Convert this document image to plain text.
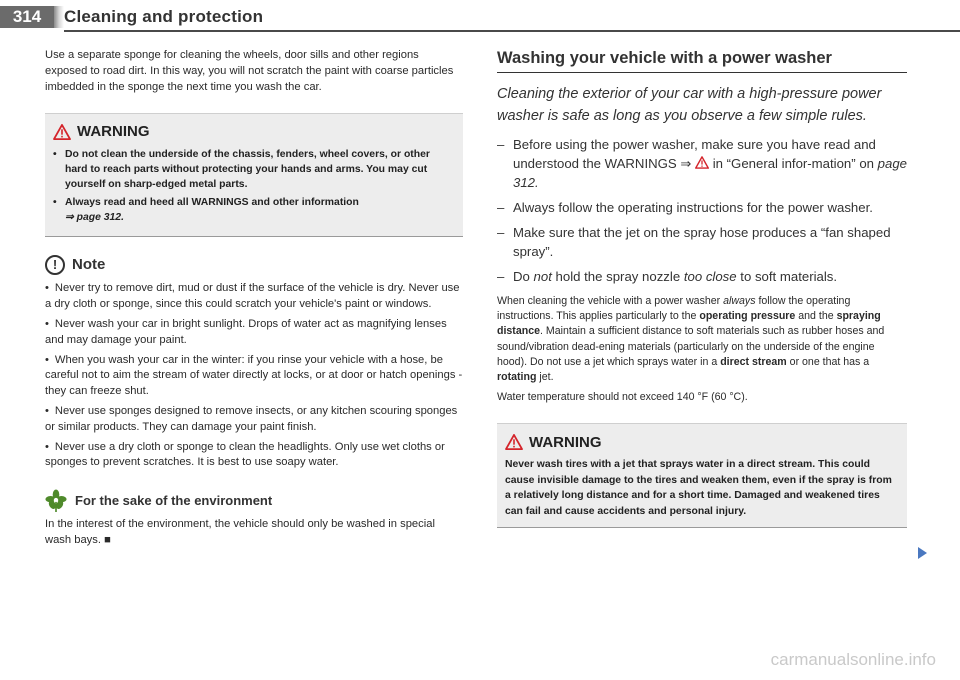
314	Cleaning and protection

Use a separate sponge for cleaning the wheels, door sills and other regions exposed to road dirt. In this way, you will not scratch the paint with coarse particles imbedded in the sponge the next time you wash the car.

WARNING
• Do not clean the underside of the chassis, fenders, wheel covers, or other hard to reach parts without protecting your hands and arms. You may cut yourself on sharp-edged metal parts.
• Always read and heed all WARNINGS and other information
⇒ page 312.
! Note
• Never try to remove dirt, mud or dust if the surface of the vehicle is dry. Never use a dry cloth or sponge, since this could scratch your vehicle's paint or windows.
• Never wash your car in bright sunlight. Drops of water act as magnifying lenses and may damage your paint.
• When you wash your car in the winter: if you rinse your vehicle with a hose, be careful not to aim the stream of water directly at locks, or at door or hatch openings - they can freeze shut.
• Never use sponges designed to remove insects, or any kitchen scouring sponges or similar products. They can damage your paint finish.
• Never use a dry cloth or sponge to clean the headlights. Only use wet cloths or sponges to prevent scratches. It is best to use soapy water.
For the sake of the environment

In the interest of the environment, the vehicle should only be washed in special wash bays. ■

Washing your vehicle with a power washer
Cleaning the exterior of your car with a high-pressure power washer is safe as long as you observe a few simple rules.
– Before using the power washer, make sure you have read and understood the WARNINGS ⇒  in “General infor-mation” on page 312.
– Always follow the operating instructions for the power washer.
– Make sure that the jet on the spray hose produces a “fan shaped spray”.
– Do not hold the spray nozzle too close to soft materials.

When cleaning the vehicle with a power washer always follow the operating instructions. This applies particularly to the operating pressure and the spraying distance. Maintain a sufficient distance to soft materials such as rubber hoses and sound/vibration dead-ening materials (particularly on the underside of the engine hood). Do not use a jet which sprays water in a direct stream or one that has a rotating jet.

Water temperature should not exceed 140 °F (60 °C).

WARNING
Never wash tires with a jet that sprays water in a direct stream. This could cause invisible damage to the tires and weaken them, even if the spray is from a relatively long distance and for a short time. Damaged and weakened tires can fail and cause accidents and personal injury.
carmanualsonline.info
